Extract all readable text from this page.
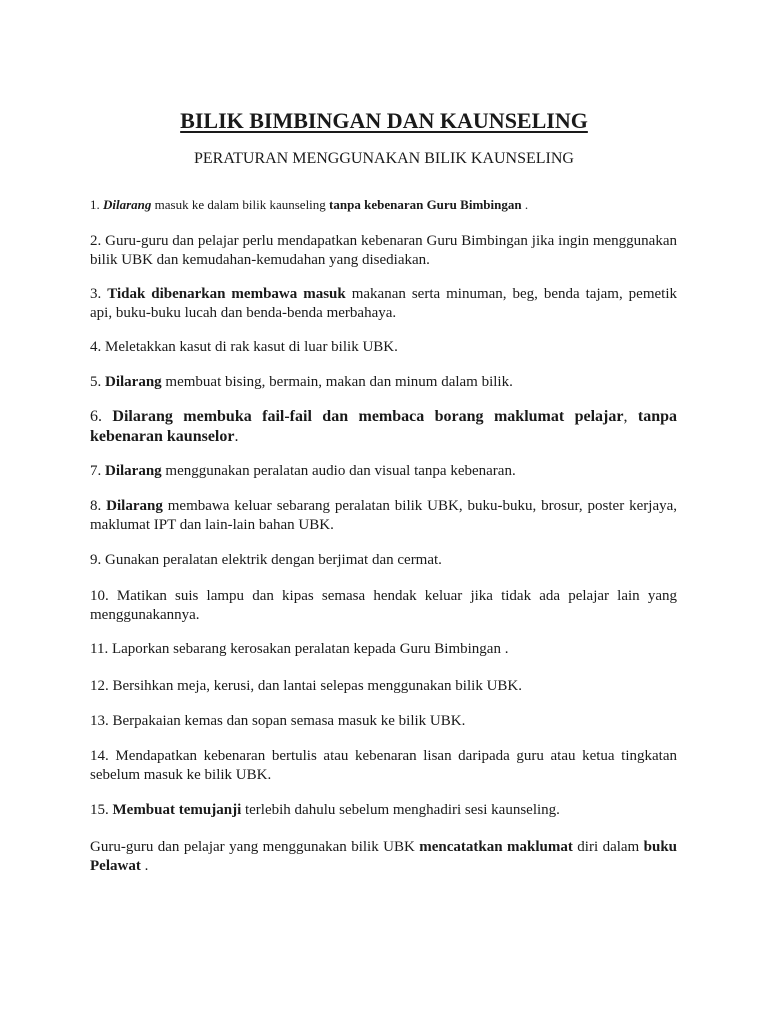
BILIK BIMBINGAN DAN KAUNSELING
PERATURAN MENGGUNAKAN BILIK KAUNSELING
1. Dilarang masuk ke dalam bilik kaunseling tanpa kebenaran Guru Bimbingan .
2. Guru-guru dan pelajar perlu mendapatkan kebenaran Guru Bimbingan jika ingin menggunakan bilik UBK dan kemudahan-kemudahan yang disediakan.
3. Tidak dibenarkan membawa masuk makanan serta minuman, beg, benda tajam, pemetik api, buku-buku lucah dan benda-benda merbahaya.
4. Meletakkan kasut di rak kasut di luar bilik UBK.
5. Dilarang membuat bising, bermain, makan dan minum dalam bilik.
6. Dilarang membuka fail-fail dan membaca borang maklumat pelajar, tanpa kebenaran kaunselor.
7. Dilarang menggunakan peralatan audio dan visual tanpa kebenaran.
8. Dilarang membawa keluar sebarang peralatan bilik UBK, buku-buku, brosur, poster kerjaya, maklumat IPT dan lain-lain bahan UBK.
9. Gunakan peralatan elektrik dengan berjimat dan cermat.
10. Matikan suis lampu dan kipas semasa hendak keluar jika tidak ada pelajar lain yang menggunakannya.
11. Laporkan sebarang kerosakan peralatan kepada Guru Bimbingan .
12. Bersihkan meja, kerusi, dan lantai selepas menggunakan bilik UBK.
13. Berpakaian kemas dan sopan semasa masuk ke bilik UBK.
14. Mendapatkan kebenaran bertulis atau kebenaran lisan daripada guru atau ketua tingkatan sebelum masuk ke bilik UBK.
15. Membuat temujanji terlebih dahulu sebelum menghadiri sesi kaunseling.
Guru-guru dan pelajar yang menggunakan bilik UBK mencatatkan maklumat diri dalam buku Pelawat .
